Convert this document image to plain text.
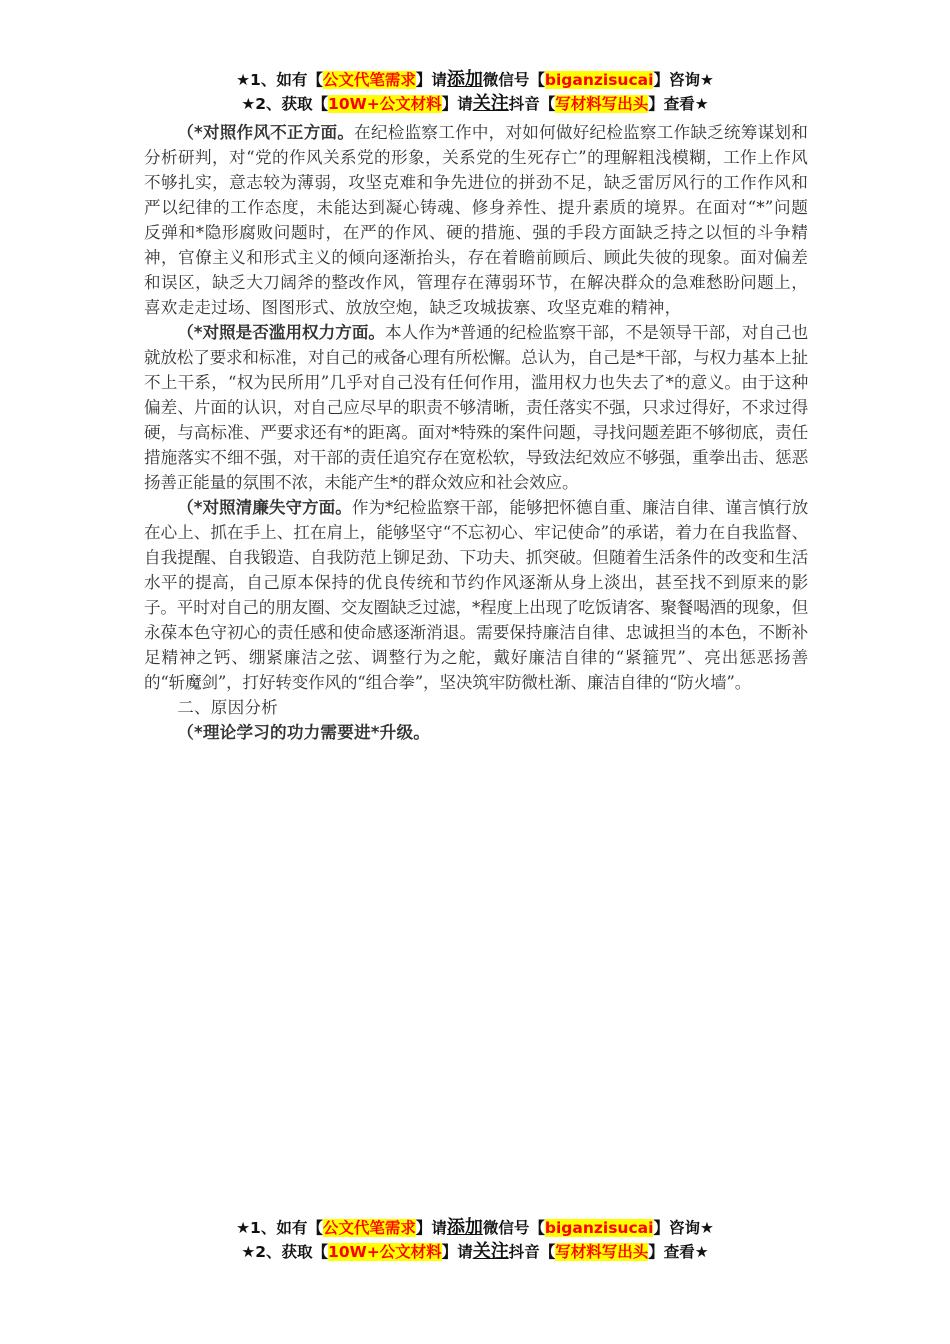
★1、如有【公文代笔需求】请添加微信号【biganzisucai】咨询★
★2、获取【10W+公文材料】请关注抖音【写材料写出头】查看★

（*对照作风不正方面。在纪检监察工作中，对如何做好纪检监察工作缺乏统筹谋划和分析研判，对“党的作风关系党的形象，关系党的生死存亡”的理解粗浅模糊，工作上作风不够扎实，意志较为薄弱，攻坚克难和争先进位的拼劲不足，缺乏雷厉风行的工作作风和严以纪律的工作态度，未能达到凝心铸魂、修身养性、提升素质的境界。在面对“*”问题反弹和*隐形腐败问题时，在严的作风、硬的措施、强的手段方面缺乏持之以恒的斗争精神，官僚主义和形式主义的倾向逐渐抬头，存在着瞻前顾后、顾此失彼的现象。面对偏差和误区，缺乏大刀阔斧的整改作风，管理存在薄弱环节，在解决群众的急难愁盼问题上，喜欢走走过场、图图形式、放放空炮，缺乏攻城拔寨、攻坚克难的精神，

（*对照是否滥用权力方面。本人作为*普通的纪检监察干部，不是领导干部，对自己也就放松了要求和标准，对自己的戒备心理有所松懈。总认为，自己是*干部，与权力基本上扯不上干系，“权为民所用”几乎对自己没有任何作用，滥用权力也失去了*的意义。由于这种偏差、片面的认识，对自己应尽早的职责不够清晰，责任落实不强，只求过得好，不求过得硬，与高标准、严要求还有*的距离。面对*特殊的案件问题，寻找问题差距不够彻底，责任措施落实不细不强，对干部的责任追究存在宽松软，导致法纪效应不够强，重拳出击、惩恶扬善正能量的氛围不浓，未能产生*的群众效应和社会效应。

（*对照清廉失守方面。作为*纪检监察干部，能够把怀德自重、廉洁自律、谨言慎行放在心上、抓在手上、扛在肩上，能够坚守“不忘初心、牢记使命”的承诺，着力在自我监督、自我提醒、自我锻造、自我防范上铆足劲、下功夫、抓突破。但随着生活条件的改变和生活水平的提高，自己原本保持的优良传统和节约作风逐渐从身上淡出，甚至找不到原来的影子。平时对自己的朋友圈、交友圈缺乏过滤，*程度上出现了吃饭请客、聚餐喝酒的现象，但永葆本色守初心的责任感和使命感逐渐消退。需要保持廉洁自律、忠诚担当的本色，不断补足精神之钙、绷紧廉洁之弦、调整行为之舵，戴好廉洁自律的“紧箍咒”、亮出惩恶扬善的“斩魔剑”，打好转变作风的“组合拳”，坚决筑牢防微杜渐、廉洁自律的“防火墙”。

二、原因分析

（*理论学习的功力需要进*升级。

★1、如有【公文代笔需求】请添加微信号【biganzisucai】咨询★
★2、获取【10W+公文材料】请关注抖音【写材料写出头】查看★
